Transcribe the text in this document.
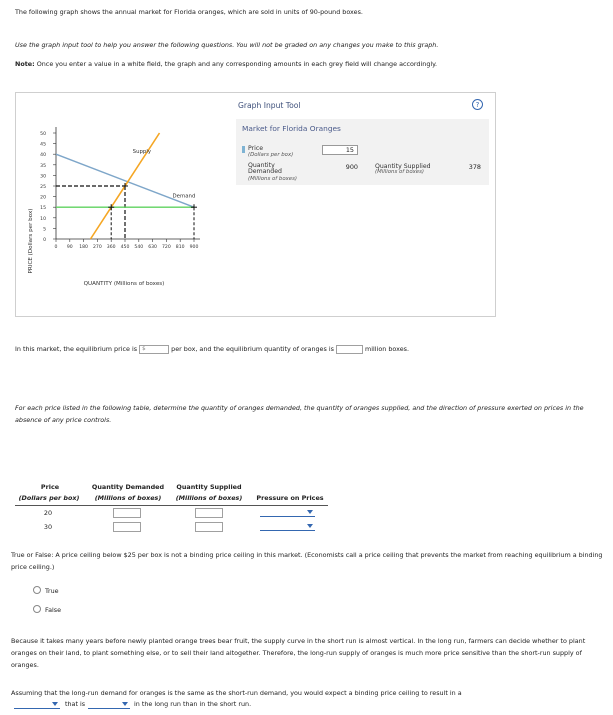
The following graph shows the annual market for Florida oranges, which are sold in units of 90-pound boxes.
Use the graph input tool to help you answer the following questions. You will not be graded on any changes you make to this graph.
Note: Once you enter a value in a white field, the graph and any corresponding amounts in each grey field will change accordingly.
PRICE (Dollars per box)
QUANTITY (Millions of boxes)
0
5
10
15
20
25
30
35
40
45
50
0 90 180 270 360 450 540 630 720 810 900
Supply
Demand
Graph Input Tool	?
Market for Florida Oranges
Price
(Dollars per box)
15
Quantity
Demanded
(Millions of boxes)
900	Quantity Supplied
(Millions of boxes)
378
In this market, the equilibrium price is $	per box, and the equilibrium quantity of oranges is	million boxes.
For each price listed in the following table, determine the quantity of oranges demanded, the quantity of oranges supplied, and the direction of pressure exerted on prices in the absence of any price controls.
Price
(Dollars per box)
Quantity Demanded
(Millions of boxes)
Quantity Supplied
(Millions of boxes)	Pressure on Prices
20
30
True or False: A price ceiling below $25 per box is not a binding price ceiling in this market. (Economists call a price ceiling that prevents the market from reaching equilibrium a binding price ceiling.)
True
False
Because it takes many years before newly planted orange trees bear fruit, the supply curve in the short run is almost vertical. In the long run, farmers can decide whether to plant oranges on their land, to plant something else, or to sell their land altogether. Therefore, the long-run supply of oranges is much more price sensitive than the short-run supply of oranges.
Assuming that the long-run demand for oranges is the same as the short-run demand, you would expect a binding price ceiling to result in a
that is	in the long run than in the short run.
